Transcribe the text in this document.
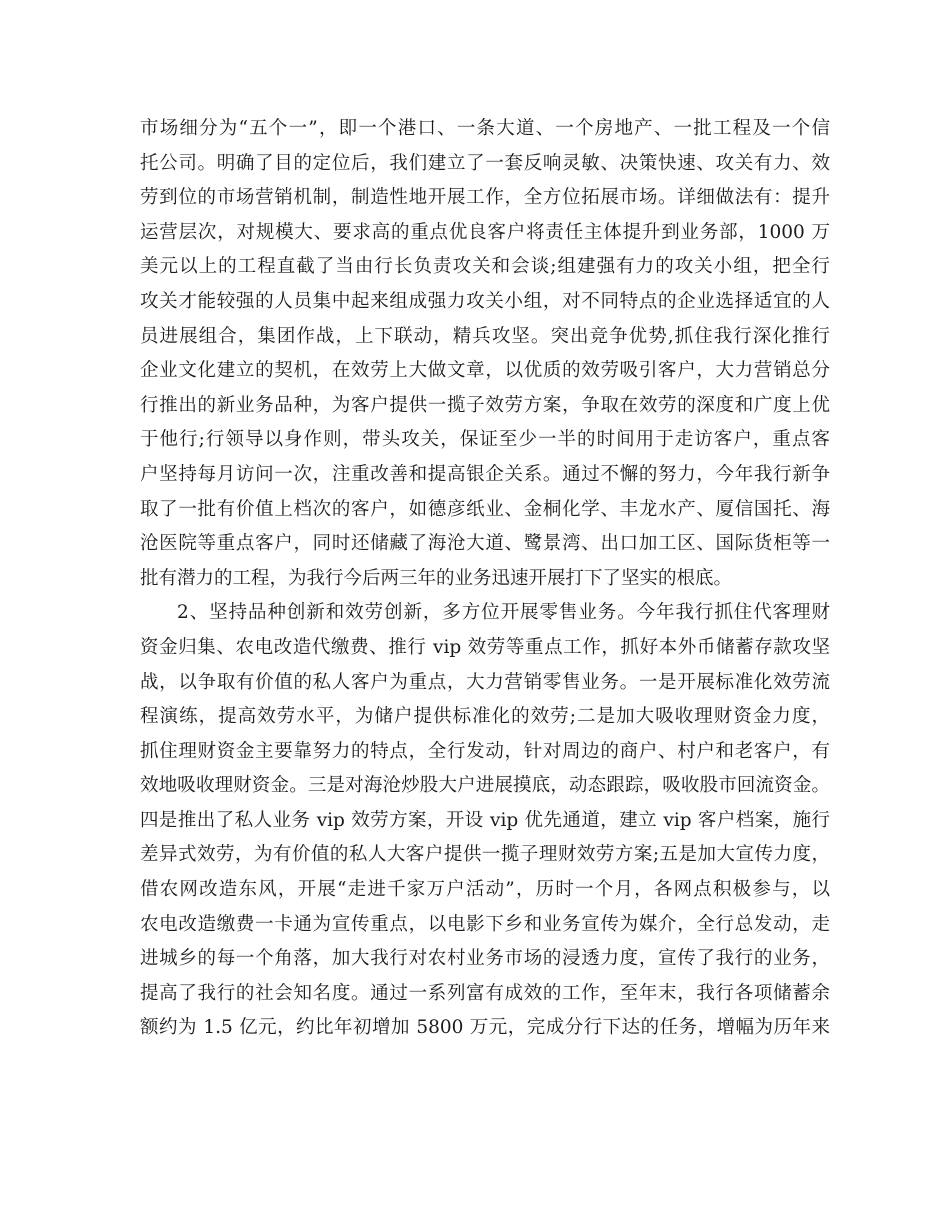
市场细分为“五个一”，即一个港口、一条大道、一个房地产、一批工程及一个信
托公司。明确了目的定位后，我们建立了一套反响灵敏、决策快速、攻关有力、效
劳到位的市场营销机制，制造性地开展工作，全方位拓展市场。详细做法有：提升
运营层次，对规模大、要求高的重点优良客户将责任主体提升到业务部，1000 万
美元以上的工程直截了当由行长负责攻关和会谈;组建强有力的攻关小组，把全行
攻关才能较强的人员集中起来组成强力攻关小组，对不同特点的企业选择适宜的人
员进展组合，集团作战，上下联动，精兵攻坚。突出竞争优势,抓住我行深化推行
企业文化建立的契机，在效劳上大做文章，以优质的效劳吸引客户，大力营销总分
行推出的新业务品种，为客户提供一揽子效劳方案，争取在效劳的深度和广度上优
于他行;行领导以身作则，带头攻关，保证至少一半的时间用于走访客户，重点客
户坚持每月访问一次，注重改善和提高银企关系。通过不懈的努力，今年我行新争
取了一批有价值上档次的客户，如德彦纸业、金桐化学、丰龙水产、厦信国托、海
沧医院等重点客户，同时还储藏了海沧大道、鹭景湾、出口加工区、国际货柜等一
批有潜力的工程，为我行今后两三年的业务迅速开展打下了坚实的根底。
2、坚持品种创新和效劳创新，多方位开展零售业务。今年我行抓住代客理财
资金归集、农电改造代缴费、推行 vip 效劳等重点工作，抓好本外币储蓄存款攻坚
战，以争取有价值的私人客户为重点，大力营销零售业务。一是开展标准化效劳流
程演练，提高效劳水平，为储户提供标准化的效劳;二是加大吸收理财资金力度，
抓住理财资金主要靠努力的特点，全行发动，针对周边的商户、村户和老客户，有
效地吸收理财资金。三是对海沧炒股大户进展摸底，动态跟踪，吸收股市回流资金。
四是推出了私人业务 vip 效劳方案，开设 vip 优先通道，建立 vip 客户档案，施行
差异式效劳，为有价值的私人大客户提供一揽子理财效劳方案;五是加大宣传力度，
借农网改造东风，开展“走进千家万户活动”，历时一个月，各网点积极参与，以
农电改造缴费一卡通为宣传重点，以电影下乡和业务宣传为媒介，全行总发动，走
进城乡的每一个角落，加大我行对农村业务市场的浸透力度，宣传了我行的业务，
提高了我行的社会知名度。通过一系列富有成效的工作，至年末，我行各项储蓄余
额约为 1.5 亿元，约比年初增加 5800 万元，完成分行下达的任务，增幅为历年来
